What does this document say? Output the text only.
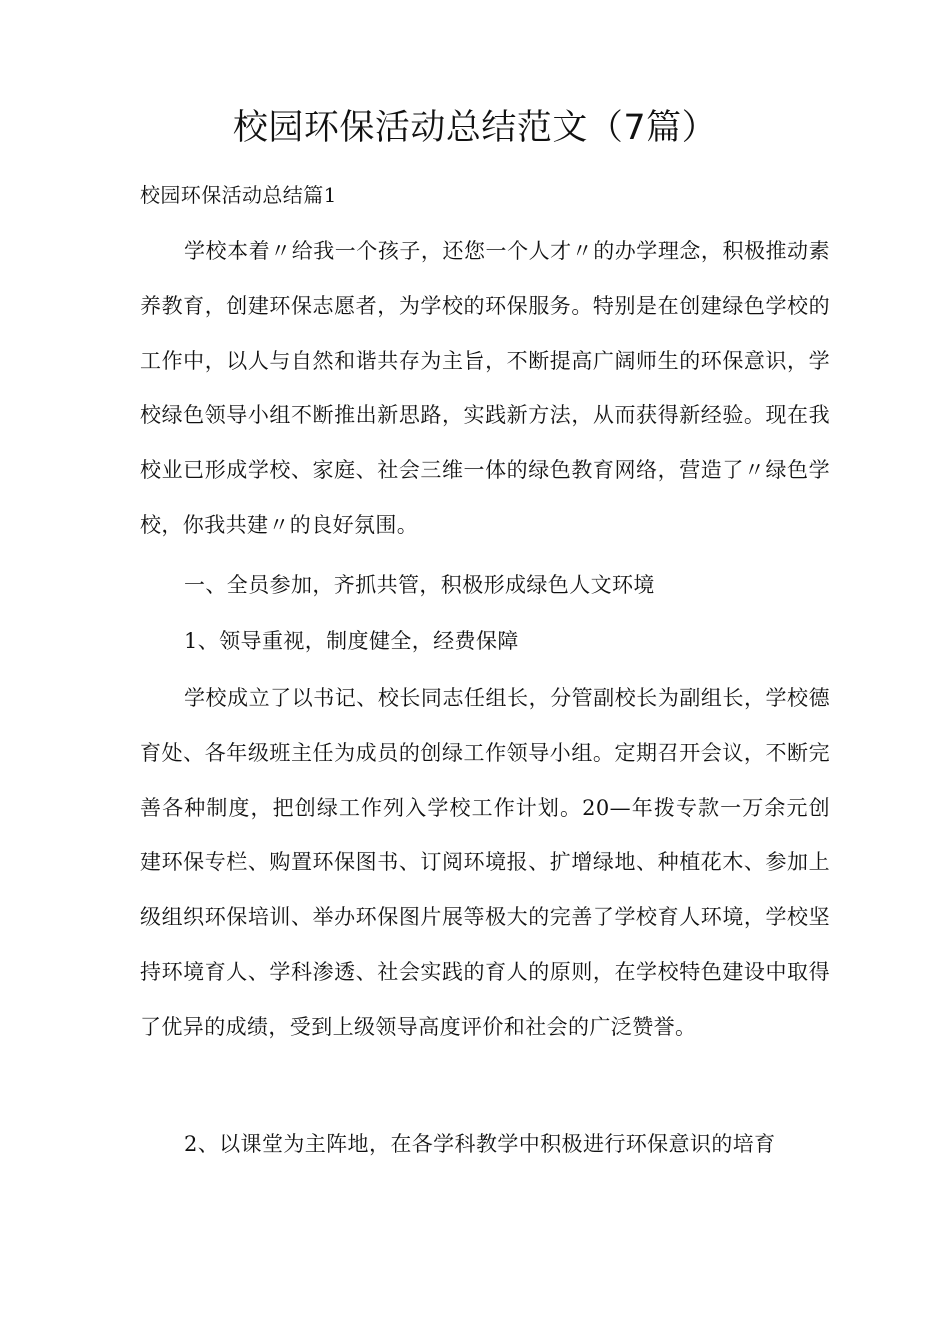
校园环保活动总结范文（7篇）

校园环保活动总结篇1

学校本着〃给我一个孩子，还您一个人才〃的办学理念，积极推动素养教育，创建环保志愿者，为学校的环保服务。特别是在创建绿色学校的工作中，以人与自然和谐共存为主旨，不断提高广阔师生的环保意识，学校绿色领导小组不断推出新思路，实践新方法，从而获得新经验。现在我校业已形成学校、家庭、社会三维一体的绿色教育网络，营造了〃绿色学校，你我共建〃的良好氛围。

一、全员参加，齐抓共管，积极形成绿色人文环境

1、领导重视，制度健全，经费保障

学校成立了以书记、校长同志任组长，分管副校长为副组长，学校德育处、各年级班主任为成员的创绿工作领导小组。定期召开会议，不断完善各种制度，把创绿工作列入学校工作计划。20—年拨专款一万余元创建环保专栏、购置环保图书、订阅环境报、扩增绿地、种植花木、参加上级组织环保培训、举办环保图片展等极大的完善了学校育人环境，学校坚持环境育人、学科渗透、社会实践的育人的原则，在学校特色建设中取得了优异的成绩，受到上级领导高度评价和社会的广泛赞誉。

2、以课堂为主阵地，在各学科教学中积极进行环保意识的培育
